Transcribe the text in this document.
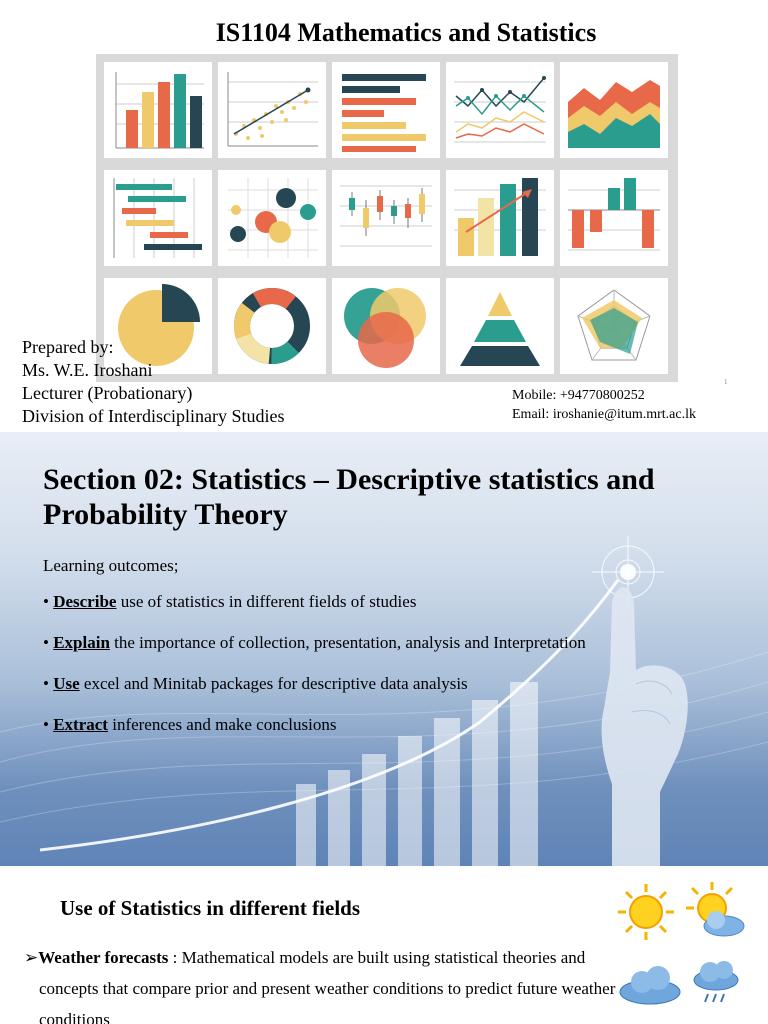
IS1104 Mathematics and Statistics
Prepared by:
Ms. W.E. Iroshani
Lecturer (Probationary)
Division of Interdisciplinary Studies
Mobile: +94770800252
Email: iroshanie@itum.mrt.ac.lk
1
Section 02: Statistics – Descriptive statistics and Probability Theory
Learning outcomes;
• Describe use of statistics in different fields of studies
• Explain the importance of collection, presentation, analysis and Interpretation
• Use excel and Minitab packages for descriptive data analysis
• Extract inferences and make conclusions
Use of Statistics in different fields
➢Weather forecasts : Mathematical models are built using statistical theories and
concepts that compare prior and present weather conditions to predict future weather
conditions
